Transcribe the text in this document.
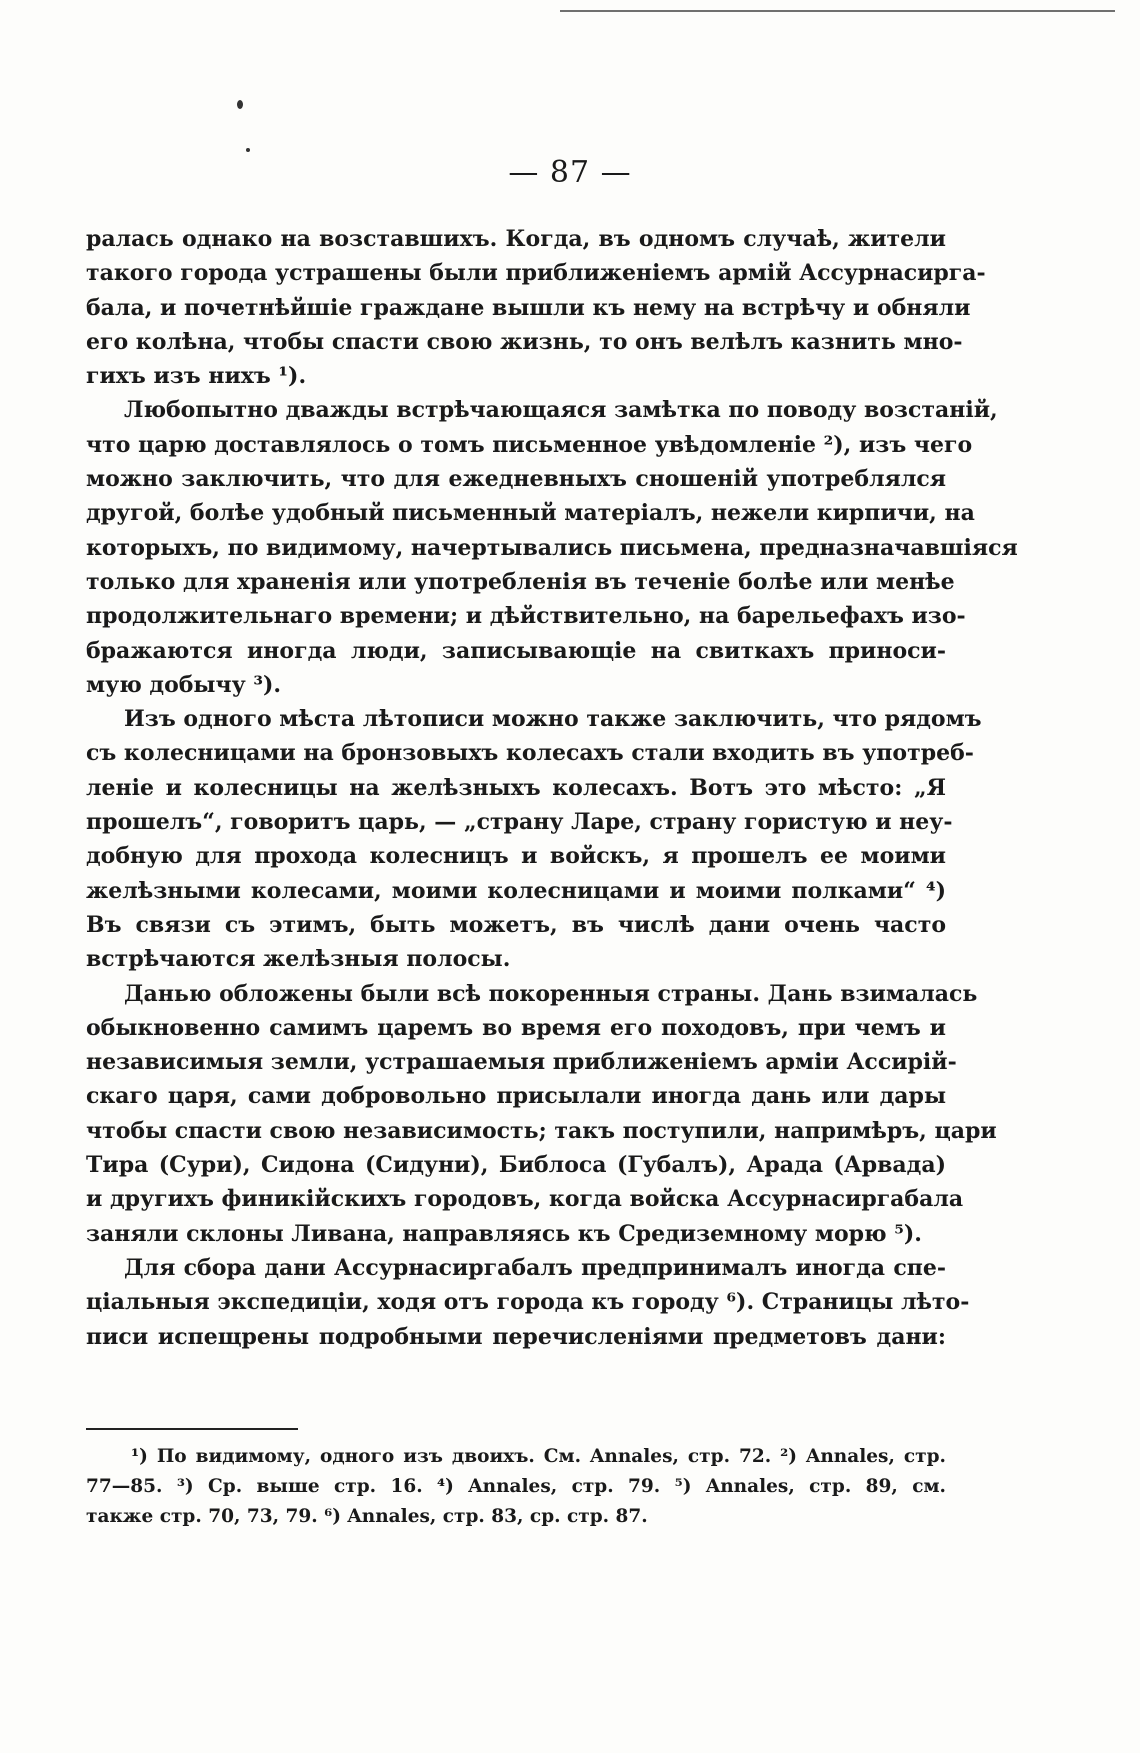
— 87 —
ралась однако на возставшихъ. Когда, въ одномъ случаѣ, жители
такого города устрашены были приближеніемъ армій Ассурнасирга-
бала, и почетнѣйшіе граждане вышли къ нему на встрѣчу и обняли
его колѣна, чтобы спасти свою жизнь, то онъ велѣлъ казнить мно-
гихъ изъ нихъ ¹).
Любопытно дважды встрѣчающаяся замѣтка по поводу возстаній,
что царю доставлялось о томъ письменное увѣдомленіе ²), изъ чего
можно заключить, что для ежедневныхъ сношеній употреблялся
другой, болѣе удобный письменный матеріалъ, нежели кирпичи, на
которыхъ, по видимому, начертывались письмена, предназначавшіяся
только для храненія или употребленія въ теченіе болѣе или менѣе
продолжительнаго времени; и дѣйствительно, на барельефахъ изо-
бражаются иногда люди, записывающіе на свиткахъ приноси-
мую добычу ³).
Изъ одного мѣста лѣтописи можно также заключить, что рядомъ
съ колесницами на бронзовыхъ колесахъ стали входить въ употреб-
леніе и колесницы на желѣзныхъ колесахъ. Вотъ это мѣсто: „Я
прошелъ“, говоритъ царь, — „страну Ларе, страну гористую и неу-
добную для прохода колесницъ и войскъ, я прошелъ ее моими
желѣзными колесами, моими колесницами и моими полками“ ⁴)
Въ связи съ этимъ, быть можетъ, въ числѣ дани очень часто
встрѣчаются желѣзныя полосы.
Данью обложены были всѣ покоренныя страны. Дань взималась
обыкновенно самимъ царемъ во время его походовъ, при чемъ и
независимыя земли, устрашаемыя приближеніемъ арміи Ассирій-
скаго царя, сами добровольно присылали иногда дань или дары
чтобы спасти свою независимость; такъ поступили, напримѣръ, цари
Тира (Сури), Сидона (Сидуни), Библоса (Губалъ), Арада (Арвада)
и другихъ финикійскихъ городовъ, когда войска Ассурнасиргабала
заняли склоны Ливана, направляясь къ Средиземному морю ⁵).
Для сбора дани Ассурнасиргабалъ предпринималъ иногда спе-
ціальныя экспедиціи, ходя отъ города къ городу ⁶). Страницы лѣто-
писи испещрены подробными перечисленіями предметовъ дани:
¹) По видимому, одного изъ двоихъ. См. Annales, стр. 72. ²) Annales, стр.
77—85. ³) Ср. выше стр. 16. ⁴) Annales, стр. 79. ⁵) Annales, стр. 89, см.
также стр. 70, 73, 79. ⁶) Annales, стр. 83, ср. стр. 87.
